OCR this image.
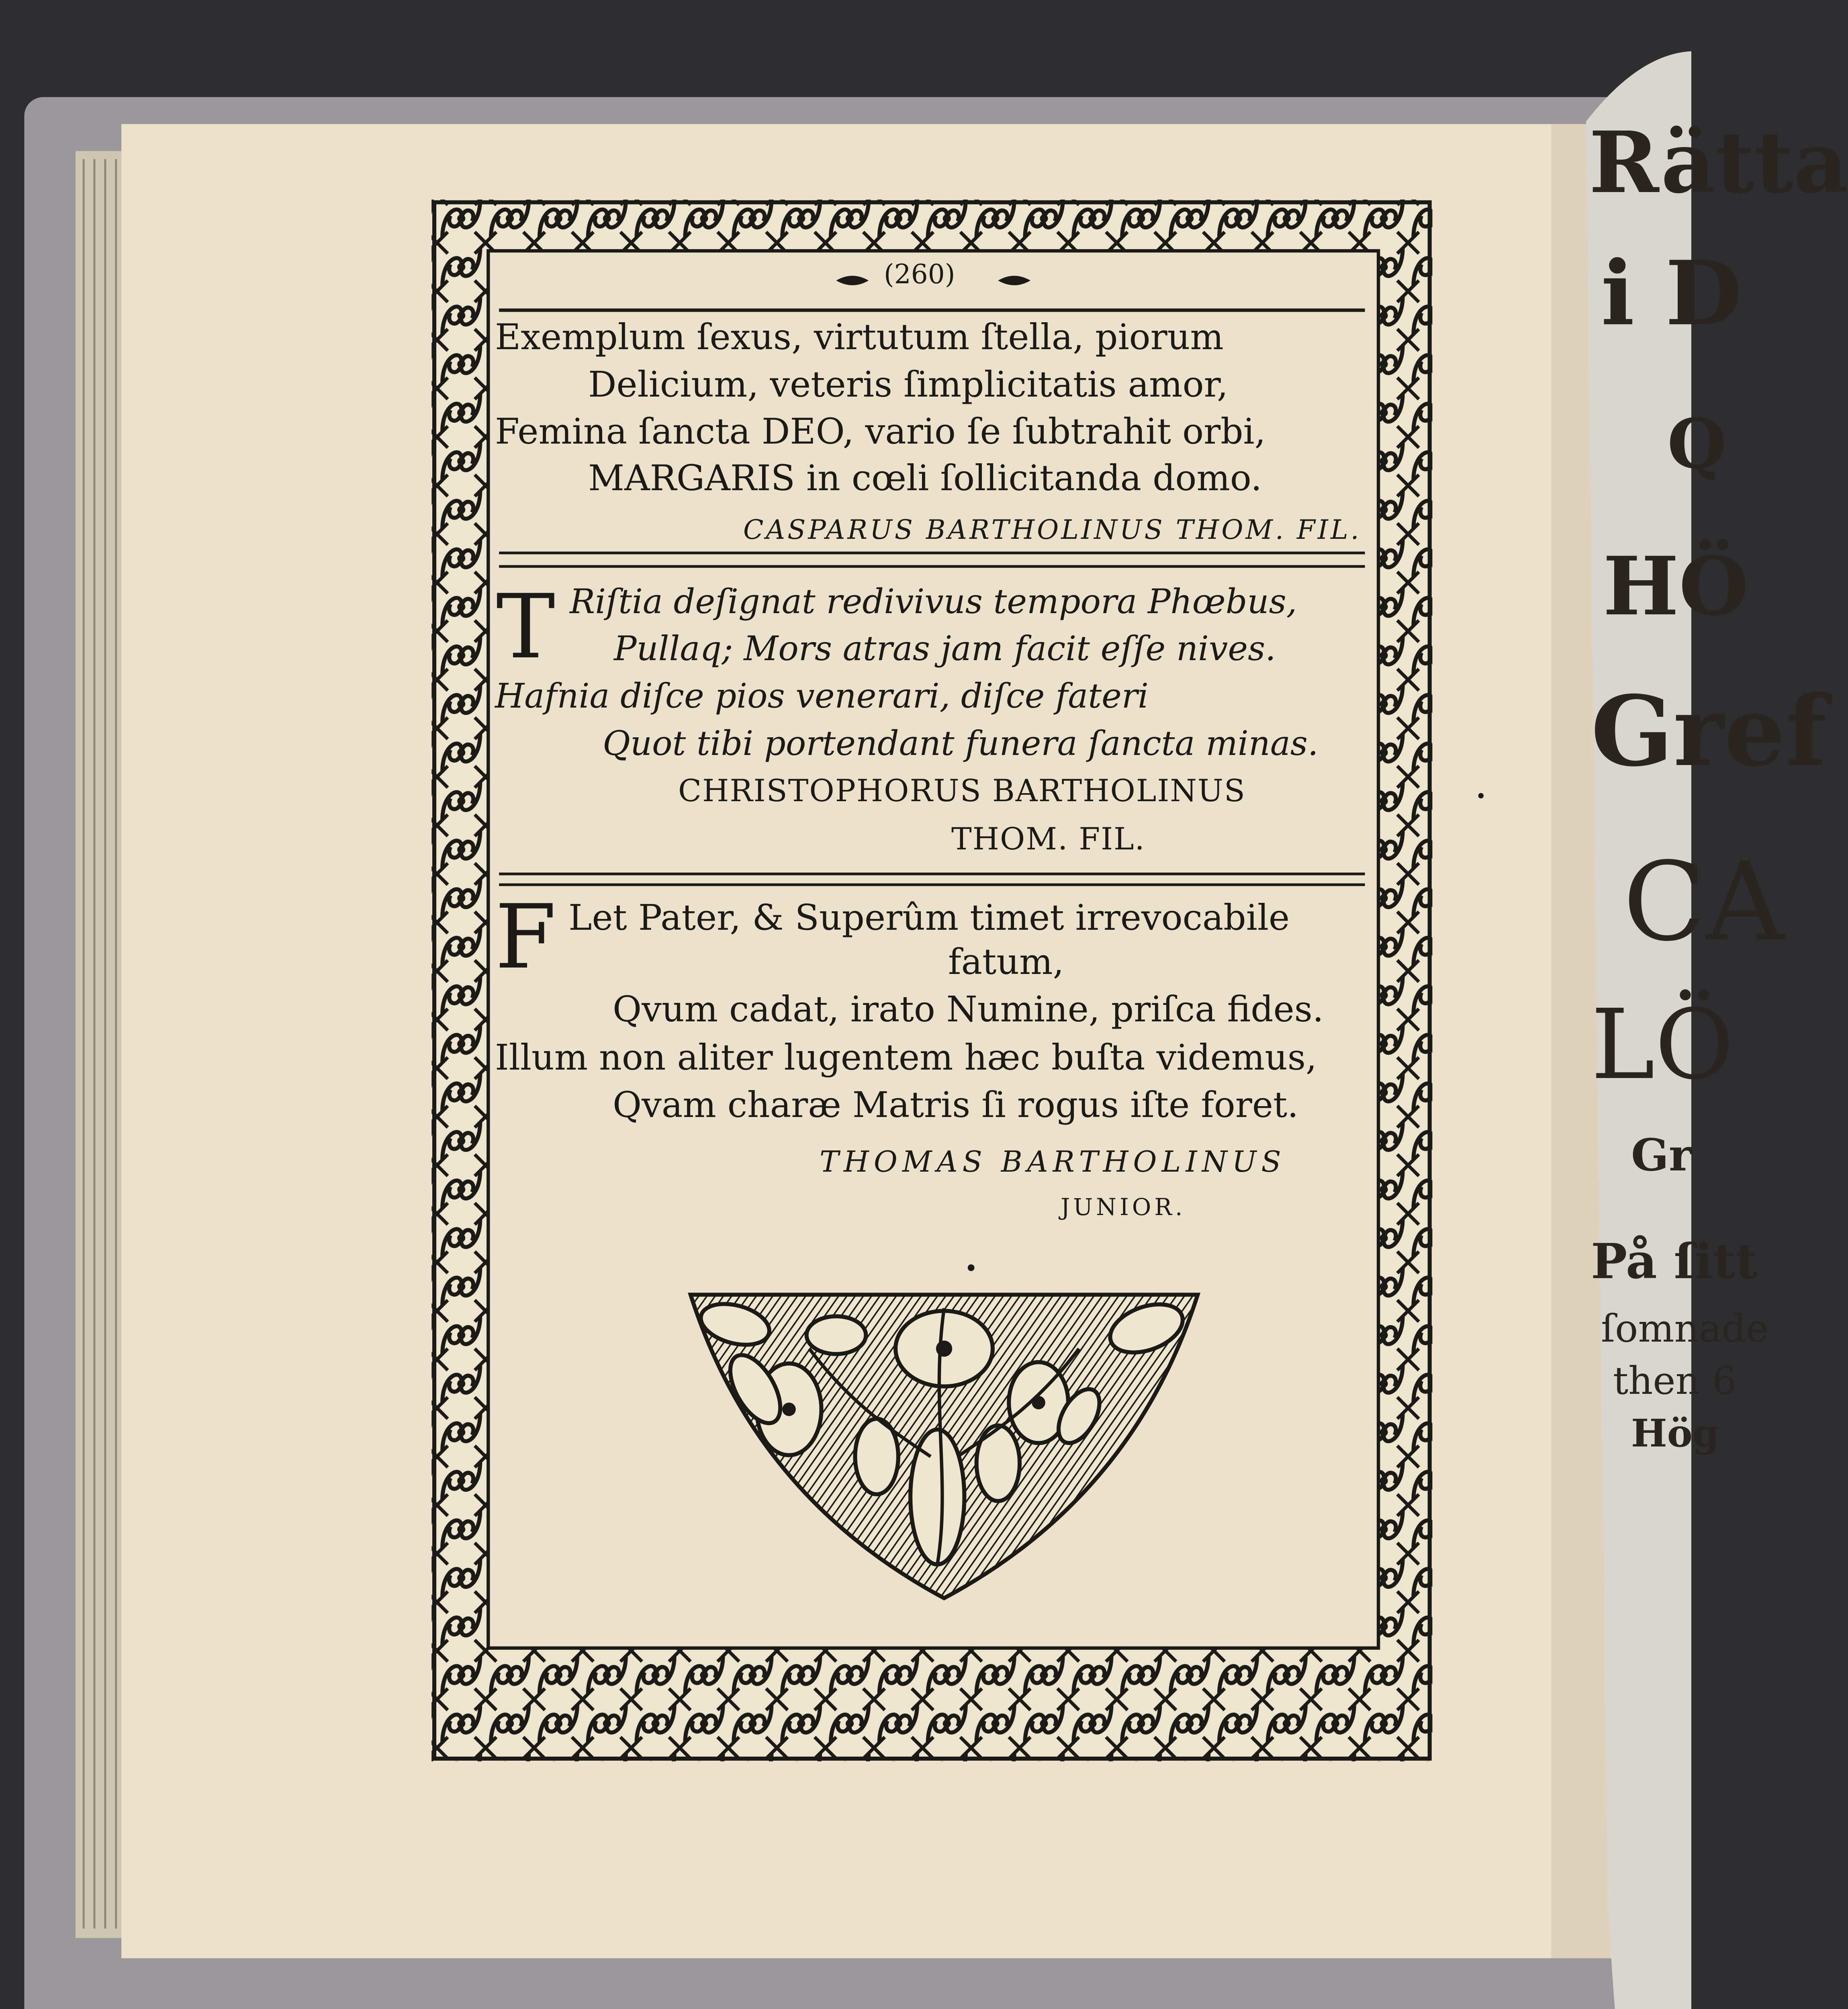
(260)
Exemplum ſexus, virtutum ſtella, piorum
Delicium, veteris ſimplicitatis amor,
Femina ſancta DEO, vario ſe ſubtrahit orbi,
MARGARIS in cœli ſollicitanda domo.
CASPARUS BARTHOLINUS THOM. FIL.
T Riſtia deſignat redivivus tempora Phœbus,
Pullaq; Mors atras jam facit eſſe nives.
Hafnia diſce pios venerari, diſce fateri
Quot tibi portendant funera ſancta minas.
CHRISTOPHORUS BARTHOLINUS
THOM. FIL.
F Let Pater, & Superûm timet irrevocabile
fatum,
Qvum cadat, irato Numine, priſca fides.
Illum non aliter lugentem hæc buſta videmus,
Qvam charæ Matris ſi rogus iſte foret.
THOMAS BARTHOLINUS
JUNIOR.
Rätta
i D
Q
HÖ
Gref
CA
LÖ
Gr
På ſitt
ſomnade
then 6
Hög
